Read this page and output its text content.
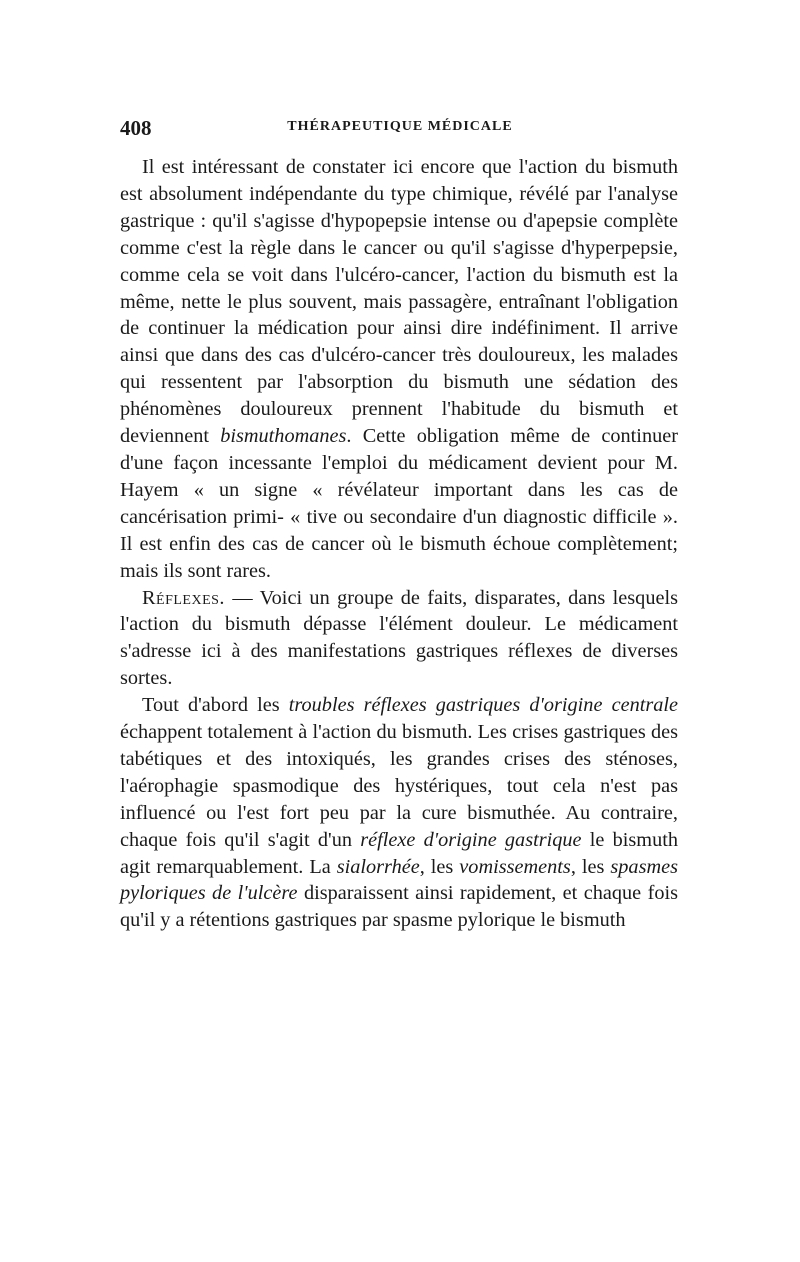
408	THÉRAPEUTIQUE MÉDICALE

Il est intéressant de constater ici encore que l'action du bismuth est absolument indépendante du type chimique, révélé par l'analyse gastrique : qu'il s'agisse d'hypopepsie intense ou d'apepsie complète comme c'est la règle dans le cancer ou qu'il s'agisse d'hyperpepsie, comme cela se voit dans l'ulcéro-cancer, l'action du bismuth est la même, nette le plus souvent, mais passagère, entraînant l'obligation de continuer la médication pour ainsi dire indéfiniment. Il arrive ainsi que dans des cas d'ulcéro-cancer très douloureux, les malades qui ressentent par l'absorption du bismuth une sédation des phénomènes douloureux prennent l'habitude du bismuth et deviennent bismuthomanes. Cette obligation même de continuer d'une façon incessante l'emploi du médicament devient pour M. Hayem « un signe « révélateur important dans les cas de cancérisation primi- « tive ou secondaire d'un diagnostic difficile ». Il est enfin des cas de cancer où le bismuth échoue complètement; mais ils sont rares.

Réflexes. — Voici un groupe de faits, disparates, dans lesquels l'action du bismuth dépasse l'élément douleur. Le médicament s'adresse ici à des manifestations gastriques réflexes de diverses sortes.

Tout d'abord les troubles réflexes gastriques d'origine centrale échappent totalement à l'action du bismuth. Les crises gastriques des tabétiques et des intoxiqués, les grandes crises des sténoses, l'aérophagie spasmodique des hystériques, tout cela n'est pas influencé ou l'est fort peu par la cure bismuthée. Au contraire, chaque fois qu'il s'agit d'un réflexe d'origine gastrique le bismuth agit remarquablement. La sialorrhée, les vomissements, les spasmes pyloriques de l'ulcère disparaissent ainsi rapidement, et chaque fois qu'il y a rétentions gastriques par spasme pylorique le bismuth
